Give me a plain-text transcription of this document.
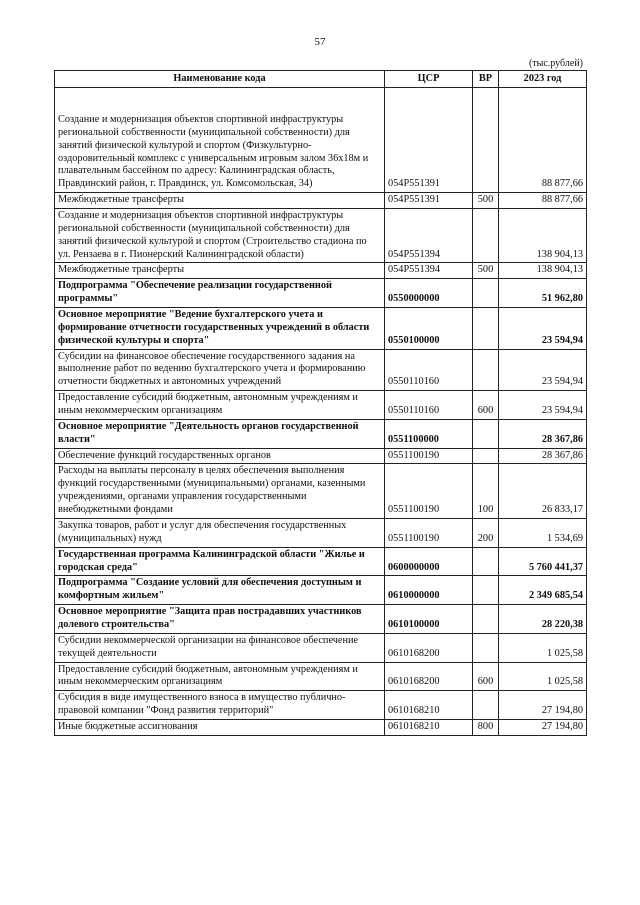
57
(тыс.рублей)
Наименование кода	ЦСР	ВР	2023 год
Создание и модернизация объектов спортивной инфраструктуры региональной собственности (муниципальной собственности) для занятий физической культурой и спортом (Физкультурно-оздоровительный комплекс с универсальным игровым залом 36х18м и плавательным бассейном по адресу: Калининградская область, Правдинский район, г. Правдинск, ул. Комсомольская, 34)	054P551391		88 877,66
Межбюджетные трансферты	054P551391	500	88 877,66
Создание и модернизация объектов спортивной инфраструктуры региональной собственности (муниципальной собственности) для занятий физической культурой и спортом (Строительство стадиона по ул. Рензаева в г. Пионерский Калининградской области)	054P551394		138 904,13
Межбюджетные трансферты	054P551394	500	138 904,13
Подпрограмма "Обеспечение реализации государственной программы"	0550000000		51 962,80
Основное мероприятие "Ведение бухгалтерского учета и формирование отчетности государственных учреждений в области физической культуры и спорта"	0550100000		23 594,94
Субсидии на финансовое обеспечение государственного задания на выполнение работ по ведению бухгалтерского учета и формированию отчетности бюджетных и автономных учреждений	0550110160		23 594,94
Предоставление субсидий бюджетным, автономным учреждениям и иным некоммерческим организациям	0550110160	600	23 594,94
Основное мероприятие "Деятельность органов государственной власти"	0551100000		28 367,86
Обеспечение функций государственных органов	0551100190		28 367,86
Расходы на выплаты персоналу в целях обеспечения выполнения функций государственными (муниципальными) органами, казенными учреждениями, органами управления государственными внебюджетными фондами	0551100190	100	26 833,17
Закупка товаров, работ и услуг для обеспечения государственных (муниципальных) нужд	0551100190	200	1 534,69
Государственная программа Калининградской области "Жилье и городская среда"	0600000000		5 760 441,37
Подпрограмма "Создание условий для обеспечения доступным и комфортным жильем"	0610000000		2 349 685,54
Основное мероприятие "Защита прав пострадавших участников долевого строительства"	0610100000		28 220,38
Субсидии некоммерческой организации на финансовое обеспечение текущей деятельности	0610168200		1 025,58
Предоставление субсидий бюджетным, автономным учреждениям и иным некоммерческим организациям	0610168200	600	1 025,58
Субсидия в виде имущественного взноса в имущество публично-правовой компании "Фонд развития территорий"	0610168210		27 194,80
Иные бюджетные ассигнования	0610168210	800	27 194,80
